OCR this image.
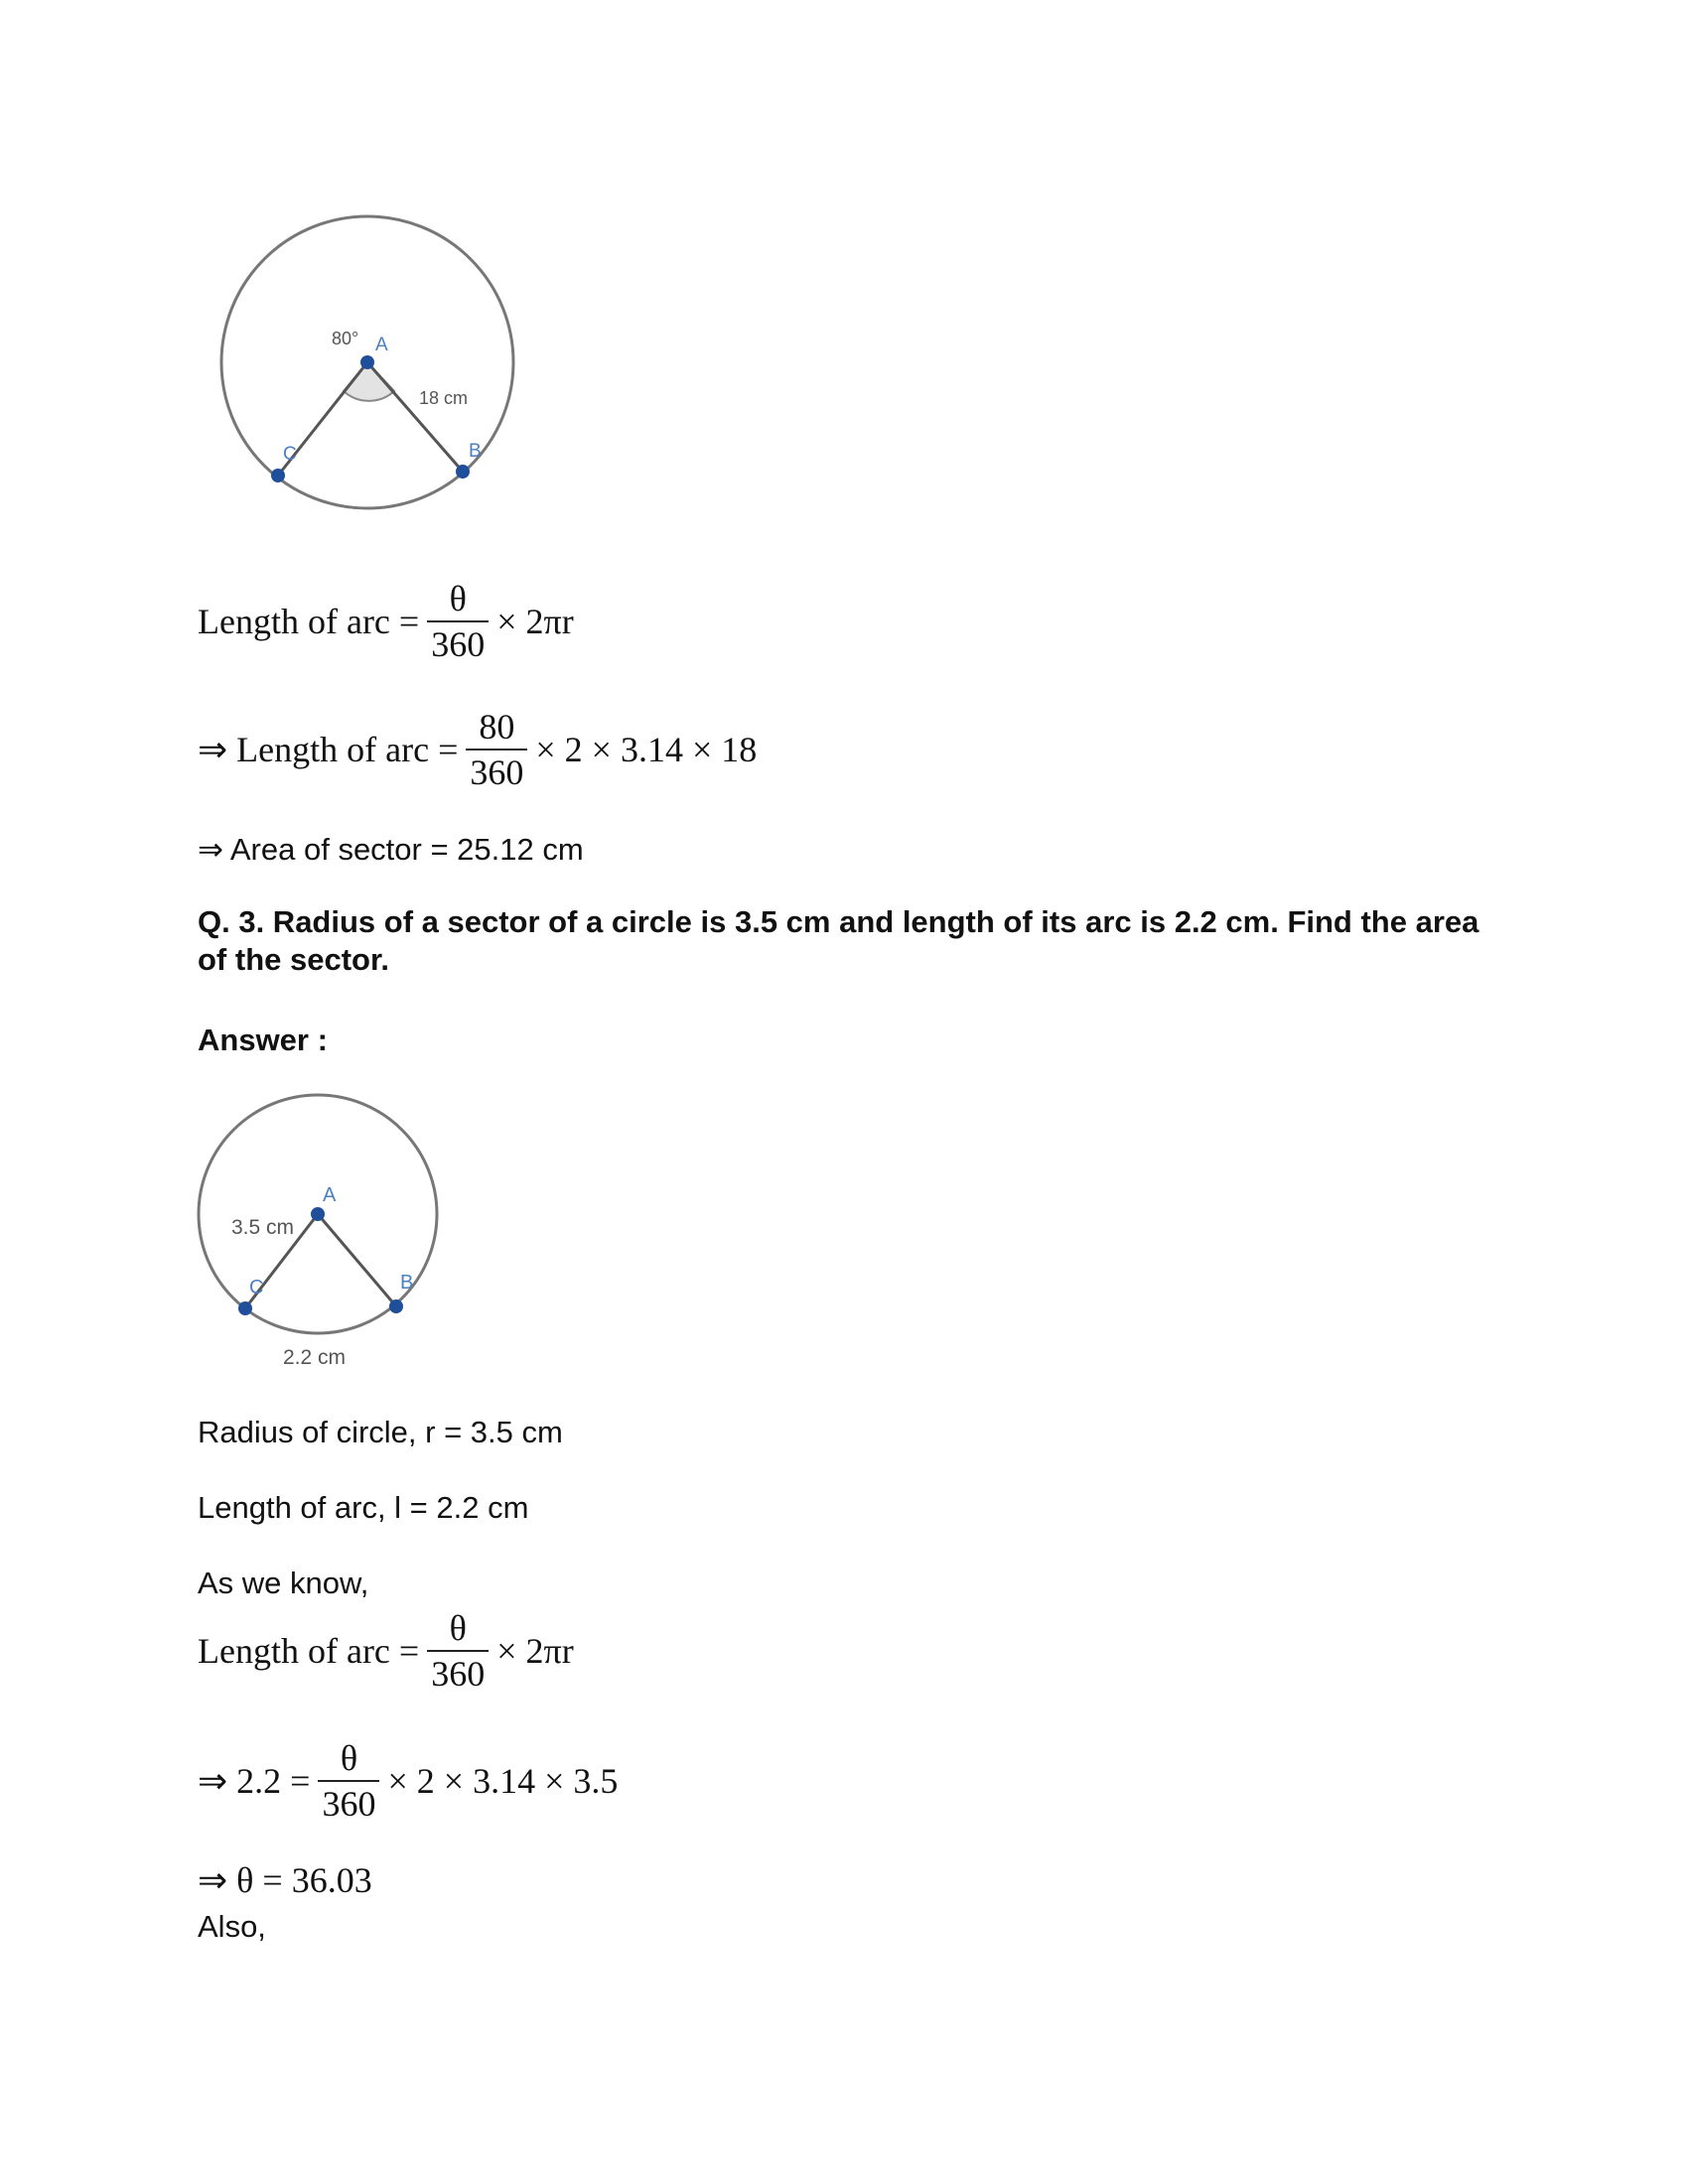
80° A
18 cm
C	B
Length of arc = $\frac{\theta}{360} \times 2\pi r$
⇒ Length of arc = $\frac{80}{360} \times 2 \times 3.14 \times 18$
⇒ Area of sector = 25.12 cm
Q. 3. Radius of a sector of a circle is 3.5 cm and length of its arc is 2.2 cm. Find the area of the sector.
Answer :
A
3.5 cm
C	B
2.2 cm
Radius of circle, r = 3.5 cm
Length of arc, l = 2.2 cm
As we know,
Length of arc = $\frac{\theta}{360} \times 2\pi r$
⇒ $2.2 = \frac{\theta}{360} \times 2 \times 3.14 \times 3.5$
⇒ θ = 36.03
Also,
